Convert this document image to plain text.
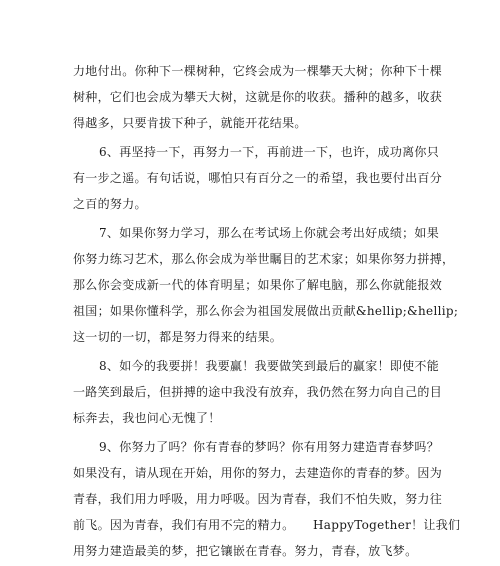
力地付出。你种下一棵树种，它终会成为一棵攀天大树；你种下十棵
树种，它们也会成为攀天大树，这就是你的收获。播种的越多，收获
得越多，只要肯拔下种子，就能开花结果。
6、再坚持一下，再努力一下，再前进一下，也许，成功离你只
有一步之遥。有句话说，哪怕只有百分之一的希望，我也要付出百分
之百的努力。
7、如果你努力学习，那么在考试场上你就会考出好成绩；如果
你努力练习艺术，那么你会成为举世瞩目的艺术家；如果你努力拼搏，
那么你会变成新一代的体育明星；如果你了解电脑，那么你就能报效
祖国；如果你懂科学，那么你会为祖国发展做出贡献&hellip;&hellip;
这一切的一切，都是努力得来的结果。
8、如今的我要拼！我要赢！我要做笑到最后的赢家！即使不能
一路笑到最后，但拼搏的途中我没有放弃，我仍然在努力向自己的目
标奔去，我也问心无愧了！
9、你努力了吗？你有青春的梦吗？你有用努力建造青春梦吗？
如果没有，请从现在开始，用你的努力，去建造你的青春的梦。因为
青春，我们用力呼吸，用力呼吸。因为青春，我们不怕失败，努力往
前飞。因为青春，我们有用不完的精力。　　HappyTogether！让我们
用努力建造最美的梦，把它镶嵌在青春。努力，青春，放飞梦。
